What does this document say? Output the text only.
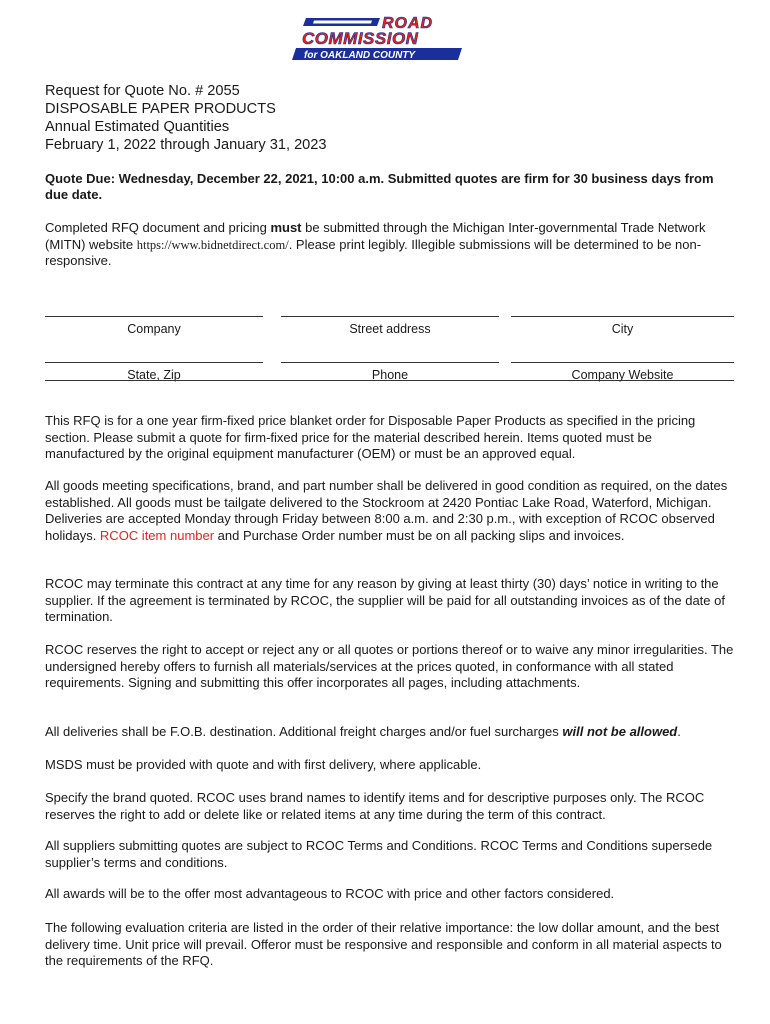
ROAD
COMMISSION
for OAKLAND COUNTY
Request for Quote No. # 2055
DISPOSABLE PAPER PRODUCTS
Annual Estimated Quantities
February 1, 2022 through January 31, 2023
Quote Due: Wednesday, December 22, 2021, 10:00 a.m. Submitted quotes are firm for 30 business days from due date.
Completed RFQ document and pricing must be submitted through the Michigan Inter-governmental Trade Network (MITN) website https://www.bidnetdirect.com/. Please print legibly. Illegible submissions will be determined to be non-responsive.
Company	Street address	City
State, Zip	Phone	Company Website
This RFQ is for a one year firm-fixed price blanket order for Disposable Paper Products as specified in the pricing section. Please submit a quote for firm-fixed price for the material described herein. Items quoted must be manufactured by the original equipment manufacturer (OEM) or must be an approved equal.
All goods meeting specifications, brand, and part number shall be delivered in good condition as required, on the dates established. All goods must be tailgate delivered to the Stockroom at 2420 Pontiac Lake Road, Waterford, Michigan. Deliveries are accepted Monday through Friday between 8:00 a.m. and 2:30 p.m., with exception of RCOC observed holidays. RCOC item number and Purchase Order number must be on all packing slips and invoices.
RCOC may terminate this contract at any time for any reason by giving at least thirty (30) days’ notice in writing to the supplier. If the agreement is terminated by RCOC, the supplier will be paid for all outstanding invoices as of the date of termination.
RCOC reserves the right to accept or reject any or all quotes or portions thereof or to waive any minor irregularities. The undersigned hereby offers to furnish all materials/services at the prices quoted, in conformance with all stated requirements. Signing and submitting this offer incorporates all pages, including attachments.
All deliveries shall be F.O.B. destination. Additional freight charges and/or fuel surcharges will not be allowed.
MSDS must be provided with quote and with first delivery, where applicable.
Specify the brand quoted. RCOC uses brand names to identify items and for descriptive purposes only. The RCOC reserves the right to add or delete like or related items at any time during the term of this contract.
All suppliers submitting quotes are subject to RCOC Terms and Conditions. RCOC Terms and Conditions supersede supplier’s terms and conditions.
All awards will be to the offer most advantageous to RCOC with price and other factors considered.
The following evaluation criteria are listed in the order of their relative importance: the low dollar amount, and the best delivery time. Unit price will prevail. Offeror must be responsive and responsible and conform in all material aspects to the requirements of the RFQ.
